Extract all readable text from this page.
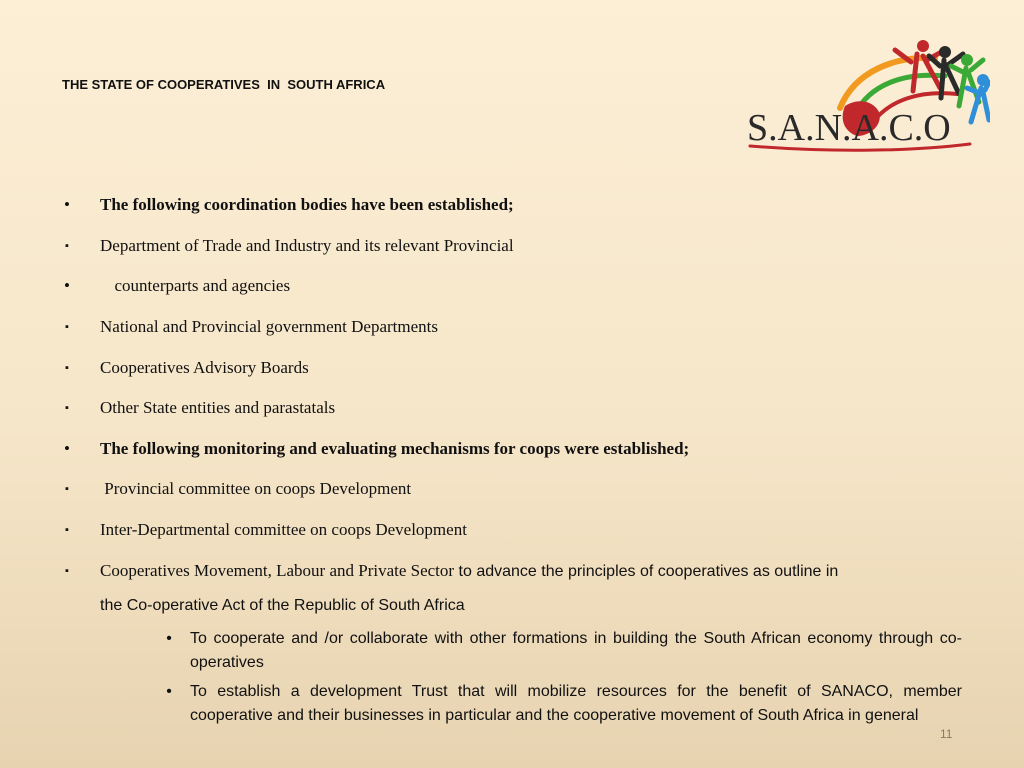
THE STATE OF COOPERATIVES  IN  SOUTH AFRICA
S.A.N.A.C.O

•

The following coordination bodies have been established;

▪

Department of Trade and Industry and its relevant Provincial

•

counterparts and agencies

▪

National and Provincial government Departments

▪

Cooperatives Advisory Boards

▪

Other State entities and parastatals

•

The following monitoring and evaluating mechanisms for coops were established;

▪

Provincial committee on coops Development

▪

Inter-Departmental committee on coops Development

▪

Cooperatives Movement, Labour and Private Sector to advance the principles of cooperatives as outline in

the Co-operative Act of the Republic of South Africa
• To cooperate and /or collaborate with other formations in building the South African economy through co-operatives
• To establish a development Trust that will mobilize resources for the benefit of SANACO, member cooperative and their businesses in particular and the cooperative movement of South Africa in general
11
